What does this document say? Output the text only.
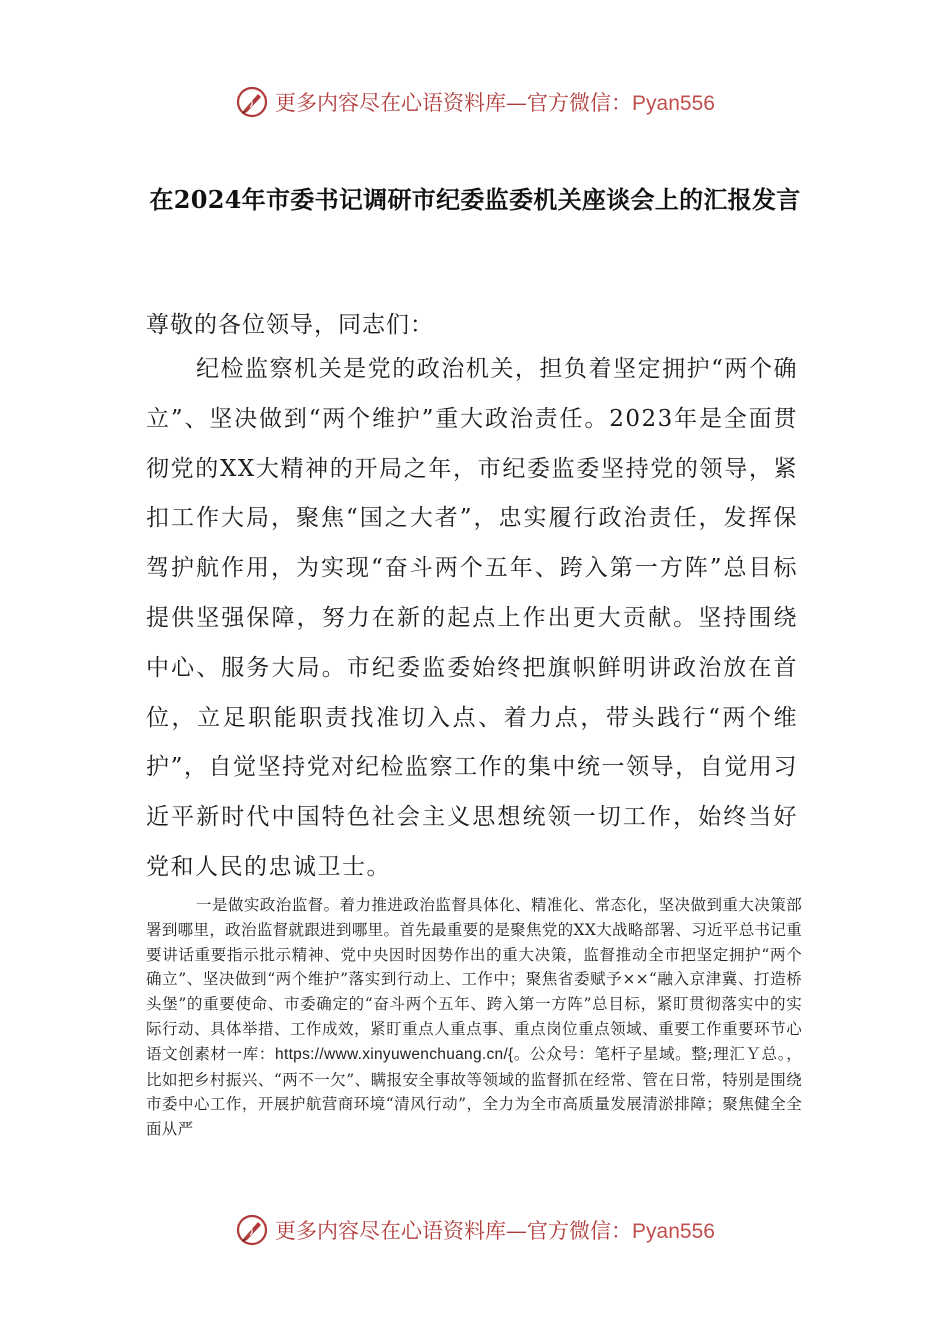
更多内容尽在心语资料库—官方微信：Pyan556
在2024年市委书记调研市纪委监委机关座谈会上的汇报发言
尊敬的各位领导，同志们：

纪检监察机关是党的政治机关，担负着坚定拥护“两个确立”、坚决做到“两个维护”重大政治责任。2023年是全面贯彻党的XX大精神的开局之年，市纪委监委坚持党的领导，紧扣工作大局，聚焦“国之大者”，忠实履行政治责任，发挥保驾护航作用，为实现“奋斗两个五年、跨入第一方阵”总目标提供坚强保障，努力在新的起点上作出更大贡献。坚持围绕中心、服务大局。市纪委监委始终把旗帜鲜明讲政治放在首位，立足职能职责找准切入点、着力点，带头践行“两个维护”，自觉坚持党对纪检监察工作的集中统一领导，自觉用习近平新时代中国特色社会主义思想统领一切工作，始终当好党和人民的忠诚卫士。

一是做实政治监督。着力推进政治监督具体化、精准化、常态化，坚决做到重大决策部署到哪里，政治监督就跟进到哪里。首先最重要的是聚焦党的XX大战略部署、习近平总书记重要讲话重要指示批示精神、党中央因时因势作出的重大决策，监督推动全市把坚定拥护“两个确立”、坚决做到“两个维护”落实到行动上、工作中；聚焦省委赋予××“融入京津冀、打造桥头堡”的重要使命、市委确定的“奋斗两个五年、跨入第一方阵”总目标，紧盯贯彻落实中的实际行动、具体举措、工作成效，紧盯重点人重点事、重点岗位重点领域、重要工作重要环节心语文创素材一库：https://www.xinyuwenchuang.cn/{。公众号：笔杆子星域。整;理汇Ｙ总。，比如把乡村振兴、“两不一欠”、瞒报安全事故等领域的监督抓在经常、管在日常，特别是围绕市委中心工作，开展护航营商环境“清风行动”，全力为全市高质量发展清淤排障；聚焦健全全面从严

更多内容尽在心语资料库—官方微信：Pyan556
